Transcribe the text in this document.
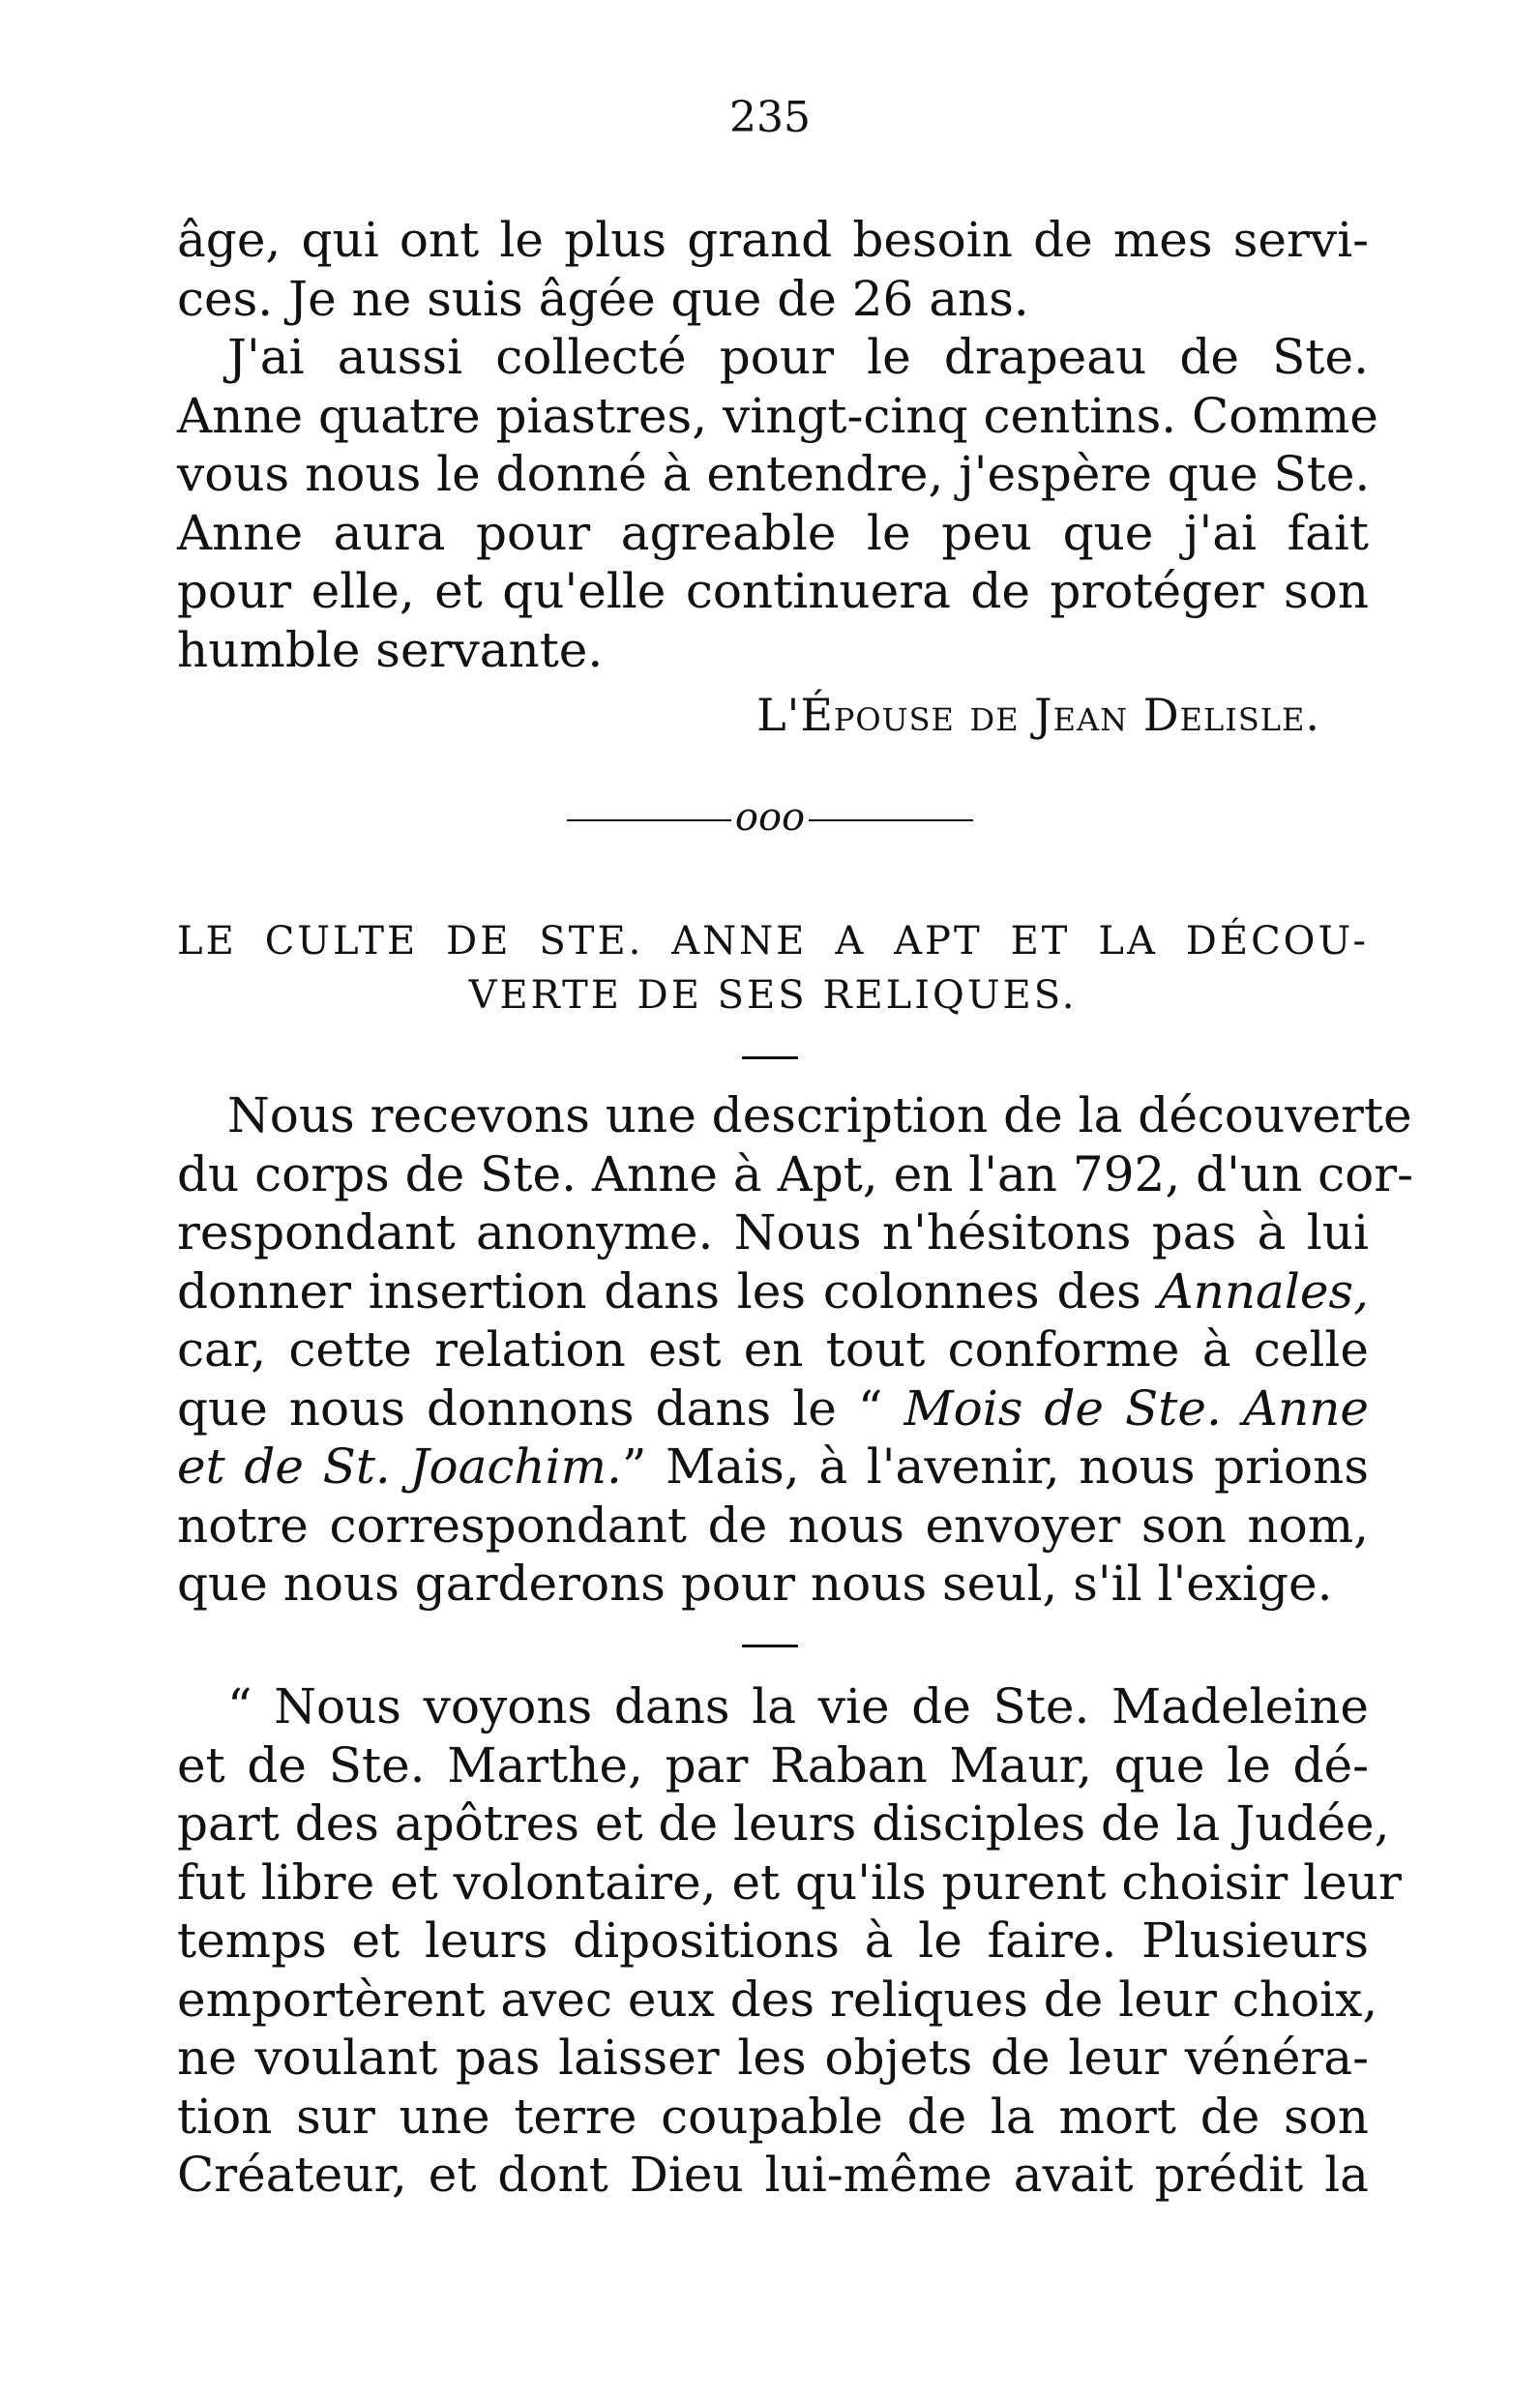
235
âge, qui ont le plus grand besoin de mes servi-
ces. Je ne suis âgée que de 26 ans.
J'ai aussi collecté pour le drapeau de Ste.
Anne quatre piastres, vingt-cinq centins. Comme
vous nous le donné à entendre, j'espère que Ste.
Anne aura pour agreable le peu que j'ai fait
pour elle, et qu'elle continuera de protéger son
humble servante.
L'Épouse de Jean Delisle.
ooo
LE CULTE DE STE. ANNE A APT ET LA DÉCOU-
VERTE DE SES RELIQUES.
Nous recevons une description de la découverte
du corps de Ste. Anne à Apt, en l'an 792, d'un cor-
respondant anonyme. Nous n'hésitons pas à lui
donner insertion dans les colonnes des Annales,
car, cette relation est en tout conforme à celle
que nous donnons dans le “ Mois de Ste. Anne
et de St. Joachim.” Mais, à l'avenir, nous prions
notre correspondant de nous envoyer son nom,
que nous garderons pour nous seul, s'il l'exige.
“ Nous voyons dans la vie de Ste. Madeleine
et de Ste. Marthe, par Raban Maur, que le dé-
part des apôtres et de leurs disciples de la Judée,
fut libre et volontaire, et qu'ils purent choisir leur
temps et leurs dipositions à le faire. Plusieurs
emportèrent avec eux des reliques de leur choix,
ne voulant pas laisser les objets de leur vénéra-
tion sur une terre coupable de la mort de son
Créateur, et dont Dieu lui-même avait prédit la
